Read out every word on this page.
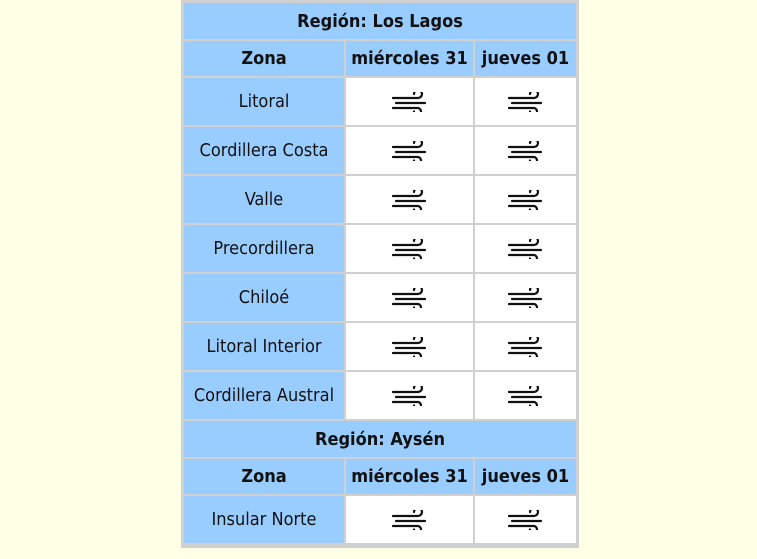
Región: Los Lagos		
Zona	miércoles 31	jueves 01
Litoral	

Cordillera Costa	

Valle	

Precordillera	

Chiloé	

Litoral Interior	

Cordillera Austral	

Región: Aysén		
Zona	miércoles 31	jueves 01
Insular Norte	
